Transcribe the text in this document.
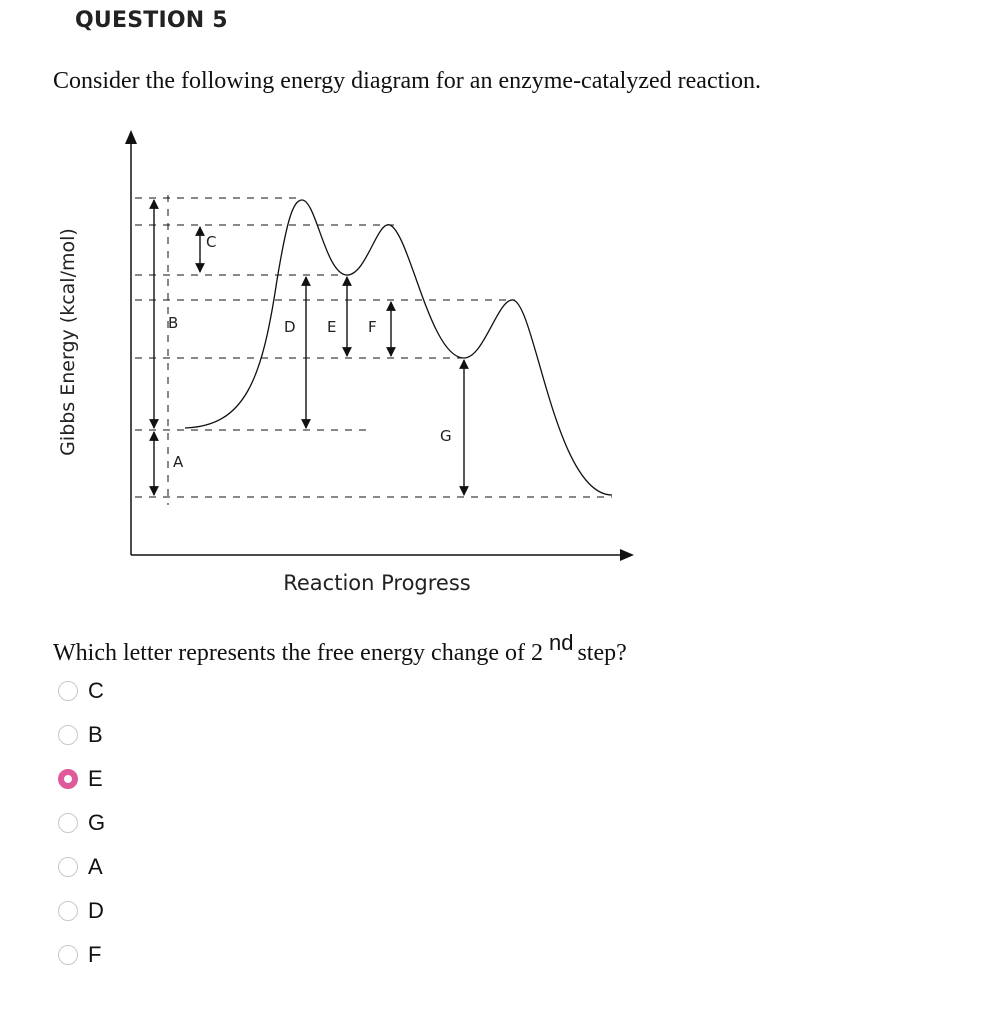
QUESTION 5
Consider the following energy diagram for an enzyme-catalyzed reaction.
B
A
C
D E F
G
Gibbs Energy (kcal/mol)
Reaction Progress
Which letter represents the free energy change of 2 nd step?
C
B
E
G
A
D
F
